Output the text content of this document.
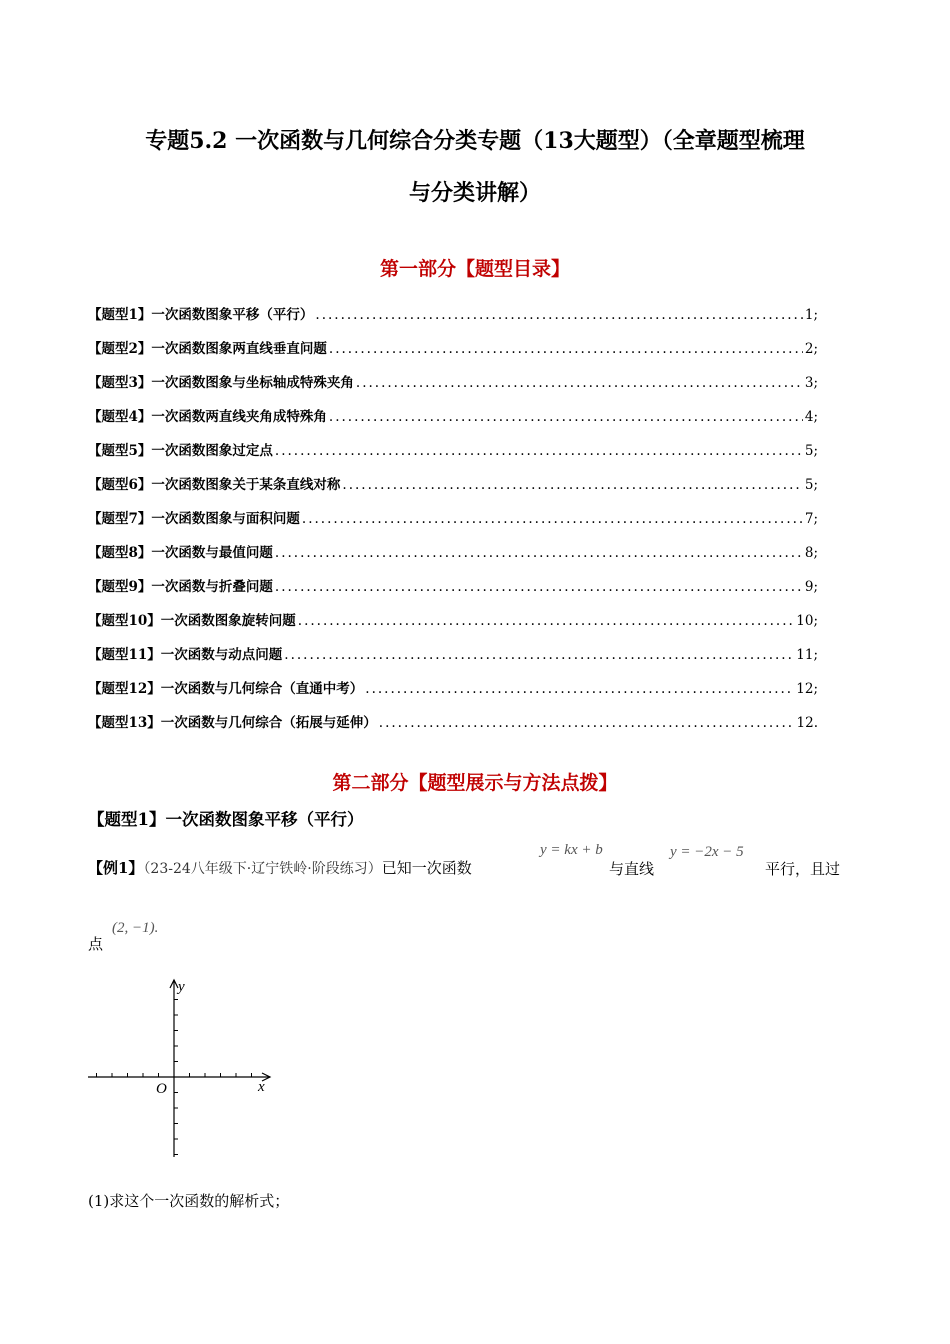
专题5.2 一次函数与几何综合分类专题（13大题型）（全章题型梳理
与分类讲解）
第一部分【题型目录】
【题型1】一次函数图象平移（平行） .....	1;
【题型2】一次函数图象两直线垂直问题 .....	2;
【题型3】一次函数图象与坐标轴成特殊夹角 .....	3;
【题型4】一次函数两直线夹角成特殊角 .....	4;
【题型5】一次函数图象过定点 .....	5;
【题型6】一次函数图象关于某条直线对称 .....	5;
【题型7】一次函数图象与面积问题 .....	7;
【题型8】一次函数与最值问题 .....	8;
【题型9】一次函数与折叠问题 .....	9;
【题型10】一次函数图象旋转问题 .....	10;
【题型11】一次函数与动点问题 .....	11;
【题型12】一次函数与几何综合（直通中考） .....	12;
【题型13】一次函数与几何综合（拓展与延伸） .....	12.
第二部分【题型展示与方法点拨】
【题型1】一次函数图象平移（平行）
【例1】（23-24八年级下·辽宁铁岭·阶段练习）已知一次函数
y = kx + b
与直线
y = −2x − 5
平行，且过
点
(2, −1).
y
x
O
(1)求这个一次函数的解析式；
